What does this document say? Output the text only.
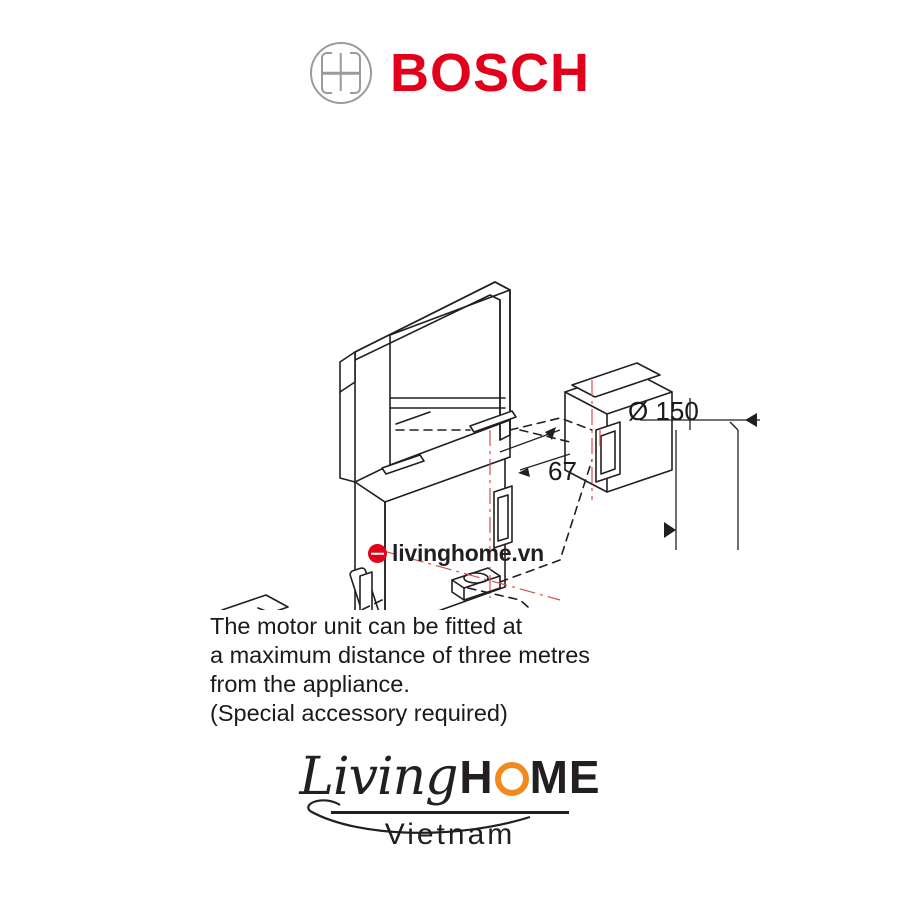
BOSCH
Ø 150
67
livinghome.vn
The motor unit can be fitted at
a maximum distance of three metres
from the appliance.
(Special accessory required)
LivingH ME
Vietnam
